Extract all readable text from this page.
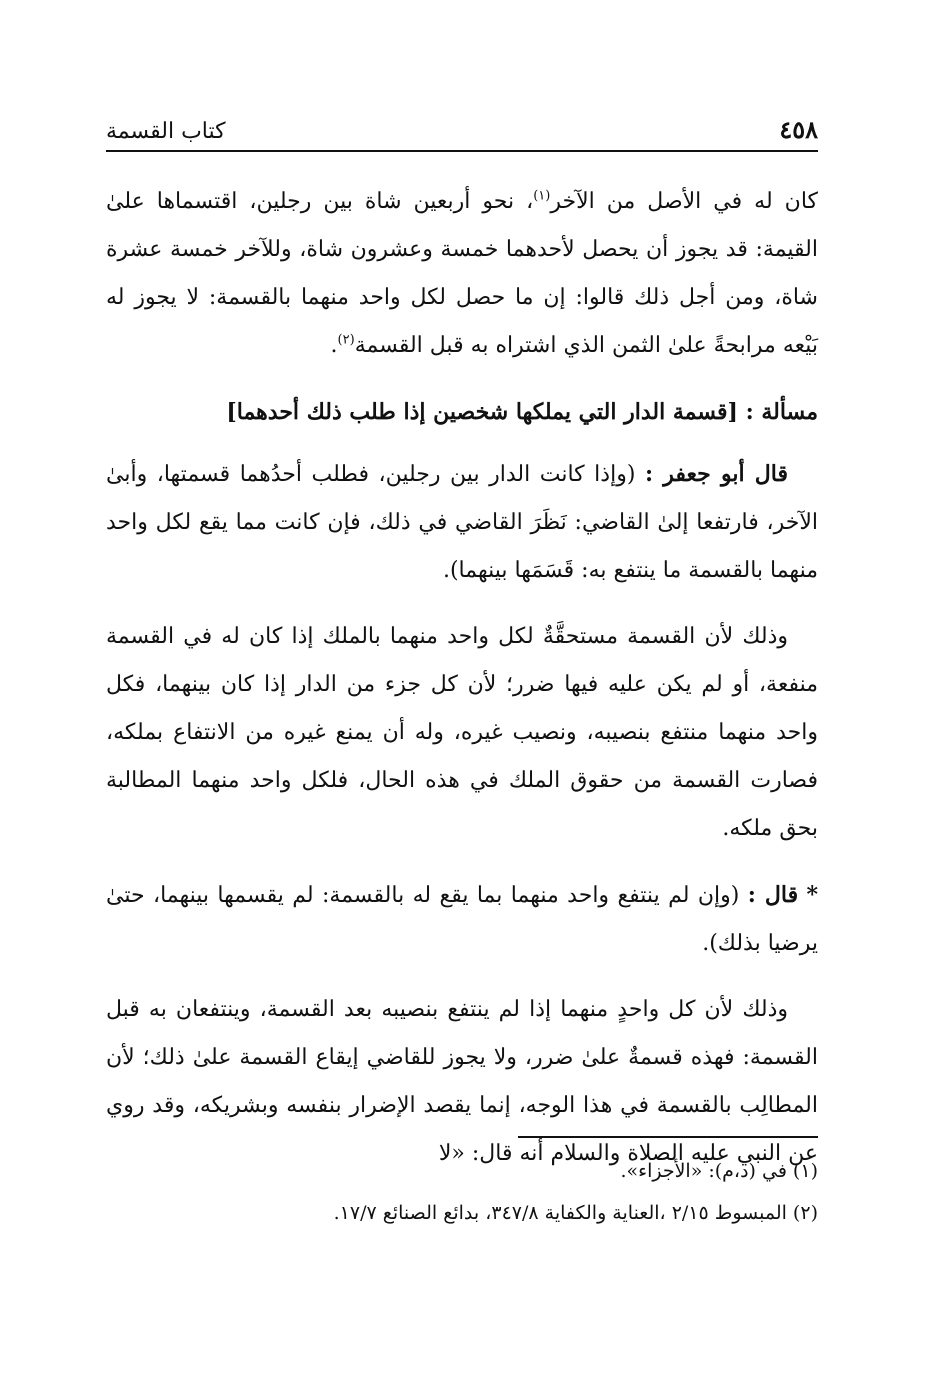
٤٥٨
كتاب القسمة

كان له في الأصل من الآخر$^{(١)}$، نحو أربعين شاة بين رجلين، اقتسماها علىٰ القيمة: قد يجوز أن يحصل لأحدهما خمسة وعشرون شاة، وللآخر خمسة عشرة شاة، ومن أجل ذلك قالوا: إن ما حصل لكل واحد منهما بالقسمة: لا يجوز له بَيْعه مرابحةً علىٰ الثمن الذي اشتراه به قبل القسمة$^{(٢)}$.

مسألة : [قسمة الدار التي يملكها شخصين إذا طلب ذلك أحدهما]

قال أبو جعفر : (وإذا كانت الدار بين رجلين، فطلب أحدُهما قسمتها، وأبىٰ الآخر، فارتفعا إلىٰ القاضي: نَظَرَ القاضي في ذلك، فإن كانت مما يقع لكل واحد منهما بالقسمة ما ينتفع به: قَسَمَها بينهما).

وذلك لأن القسمة مستحقَّةٌ لكل واحد منهما بالملك إذا كان له في القسمة منفعة، أو لم يكن عليه فيها ضرر؛ لأن كل جزء من الدار إذا كان بينهما، فكل واحد منهما منتفع بنصيبه، ونصيب غيره، وله أن يمنع غيره من الانتفاع بملكه، فصارت القسمة من حقوق الملك في هذه الحال، فلكل واحد منهما المطالبة بحق ملكه.

* قال : (وإن لم ينتفع واحد منهما بما يقع له بالقسمة: لم يقسمها بينهما، حتىٰ يرضيا بذلك).

وذلك لأن كل واحدٍ منهما إذا لم ينتفع بنصيبه بعد القسمة، وينتفعان به قبل القسمة: فهذه قسمةٌ علىٰ ضرر، ولا يجوز للقاضي إيقاع القسمة علىٰ ذلك؛ لأن المطالِب بالقسمة في هذا الوجه، إنما يقصد الإضرار بنفسه وبشريكه، وقد روي عن النبي عليه الصلاة والسلام أنه قال: «لا

(١) في (د،م): «الأجزاء».
(٢) المبسوط ٢/١٥ ،العناية والكفاية ٣٤٧/٨، بدائع الصنائع ١٧/٧.
